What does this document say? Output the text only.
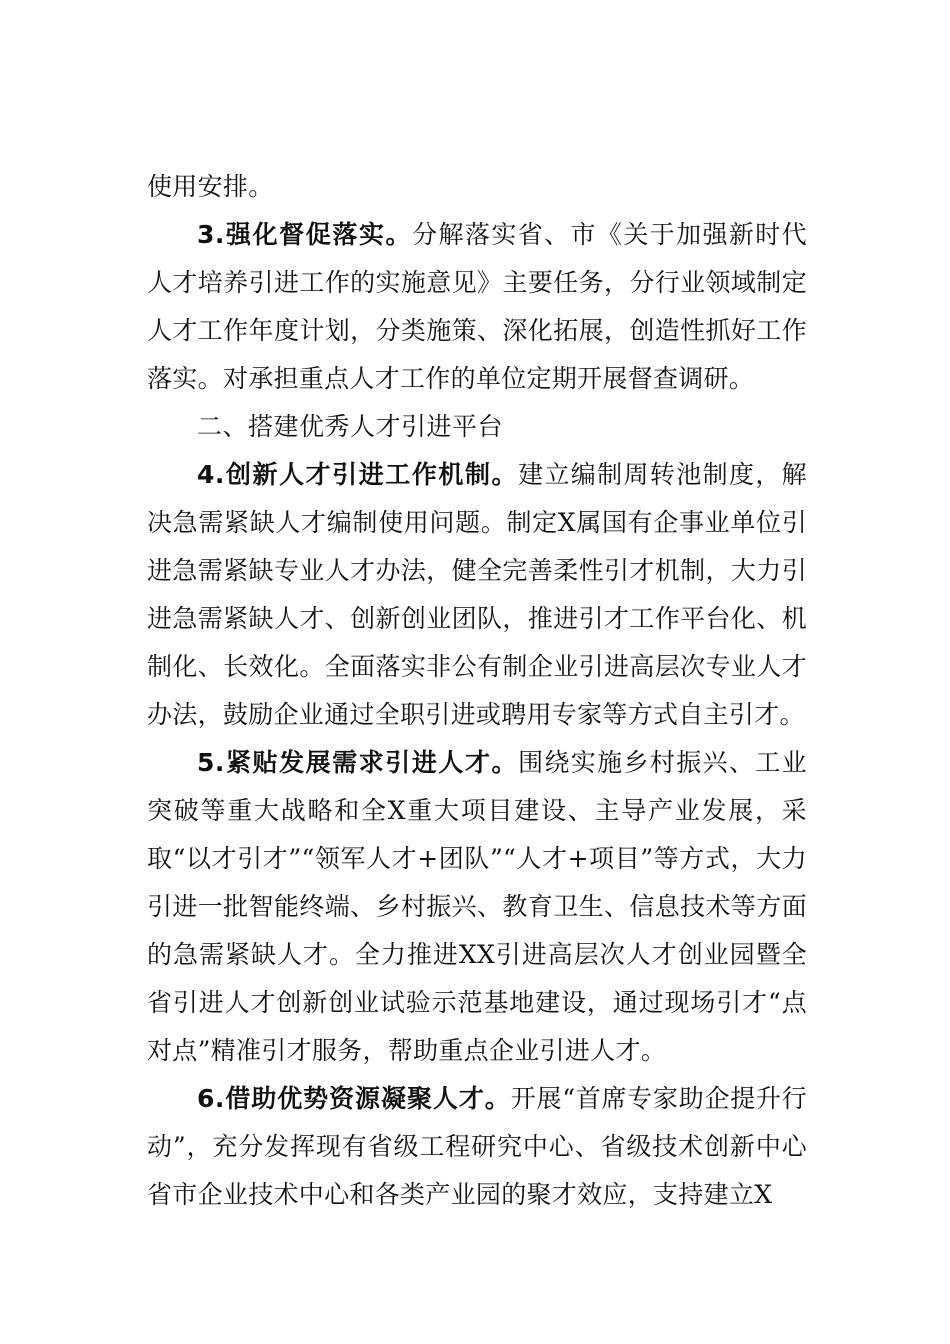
使用安排。

3.强化督促落实。分解落实省、市《关于加强新时代人才培养引进工作的实施意见》主要任务，分行业领域制定人才工作年度计划，分类施策、深化拓展，创造性抓好工作落实。对承担重点人才工作的单位定期开展督查调研。

二、搭建优秀人才引进平台

4.创新人才引进工作机制。建立编制周转池制度，解决急需紧缺人才编制使用问题。制定X属国有企事业单位引进急需紧缺专业人才办法，健全完善柔性引才机制，大力引进急需紧缺人才、创新创业团队，推进引才工作平台化、机制化、长效化。全面落实非公有制企业引进高层次专业人才办法，鼓励企业通过全职引进或聘用专家等方式自主引才。

5.紧贴发展需求引进人才。围绕实施乡村振兴、工业突破等重大战略和全X重大项目建设、主导产业发展，采取“以才引才”“领军人才+团队”“人才+项目”等方式，大力引进一批智能终端、乡村振兴、教育卫生、信息技术等方面的急需紧缺人才。全力推进XX引进高层次人才创业园暨全省引进人才创新创业试验示范基地建设，通过现场引才“点对点”精准引才服务，帮助重点企业引进人才。

6.借助优势资源凝聚人才。开展“首席专家助企提升行动”，充分发挥现有省级工程研究中心、省级技术创新中心省市企业技术中心和各类产业园的聚才效应，支持建立X
